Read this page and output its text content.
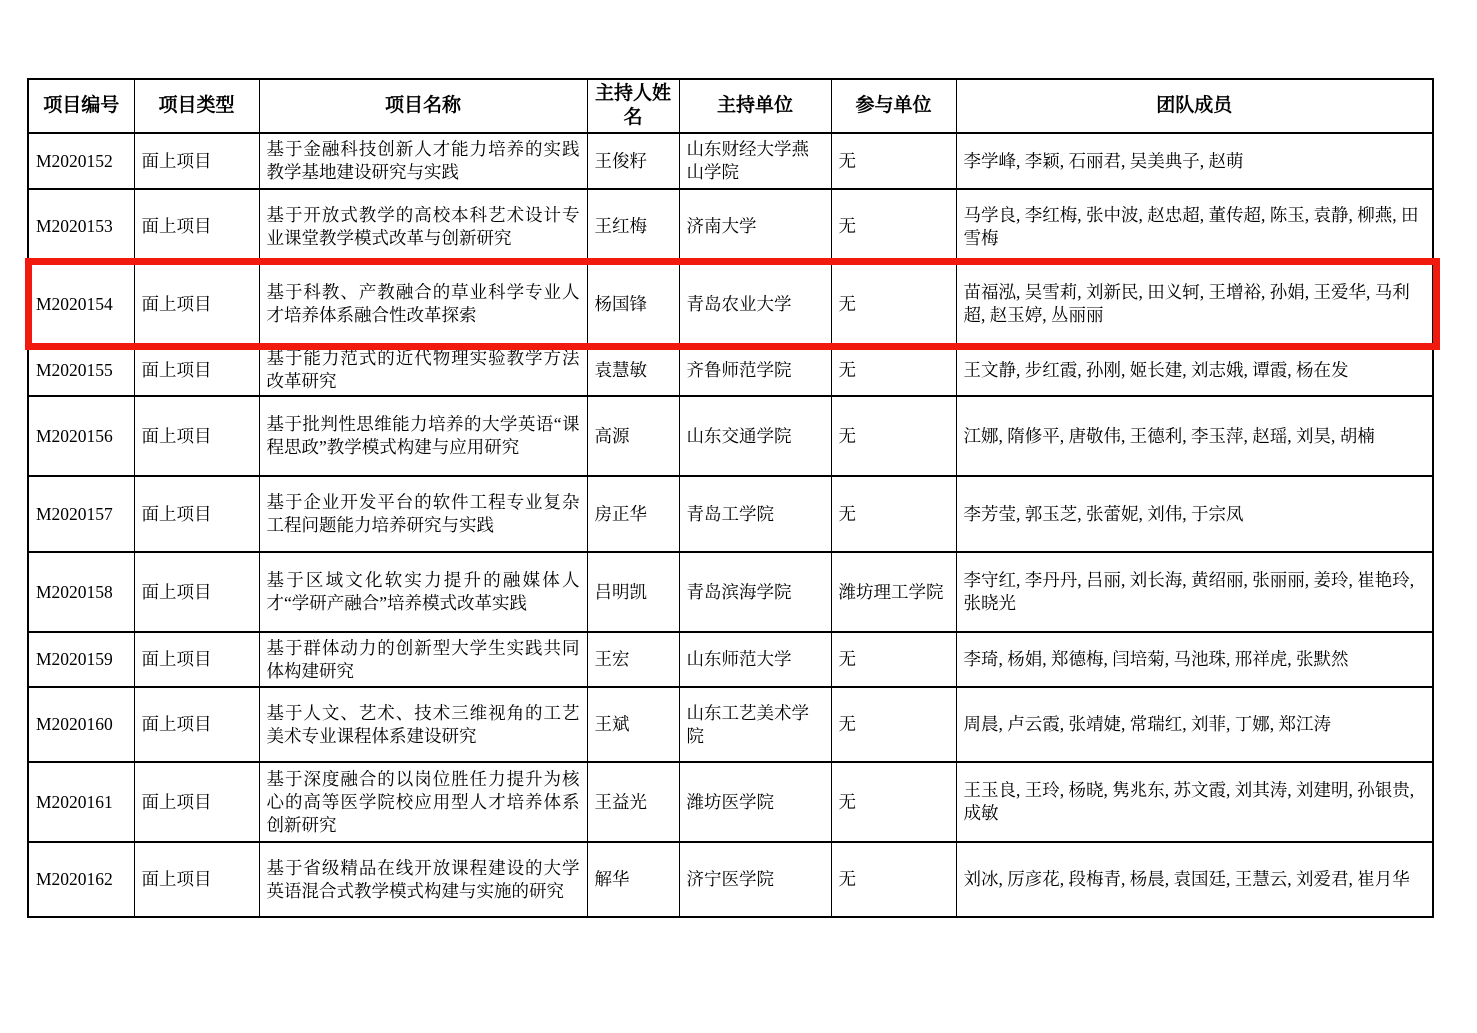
项目编号	项目类型	项目名称	主持人姓名	主持单位	参与单位	团队成员
M2020152	面上项目	基于金融科技创新人才能力培养的实践教学基地建设研究与实践	王俊籽	山东财经大学燕山学院	无	李学峰, 李颖, 石丽君, 吴美典子, 赵萌
M2020153	面上项目	基于开放式教学的高校本科艺术设计专业课堂教学模式改革与创新研究	王红梅	济南大学	无	马学良, 李红梅, 张中波, 赵忠超, 董传超, 陈玉, 袁静, 柳燕, 田雪梅
M2020154	面上项目	基于科教、产教融合的草业科学专业人才培养体系融合性改革探索	杨国锋	青岛农业大学	无	苗福泓, 吴雪莉, 刘新民, 田义轲, 王增裕, 孙娟, 王爱华, 马利超, 赵玉婷, 丛丽丽
M2020155	面上项目	基于能力范式的近代物理实验教学方法改革研究	袁慧敏	齐鲁师范学院	无	王文静, 步红霞, 孙刚, 姬长建, 刘志娥, 谭霞, 杨在发
M2020156	面上项目	基于批判性思维能力培养的大学英语“课程思政”教学模式构建与应用研究	高源	山东交通学院	无	江娜, 隋修平, 唐敬伟, 王德利, 李玉萍, 赵瑶, 刘昊, 胡楠
M2020157	面上项目	基于企业开发平台的软件工程专业复杂工程问题能力培养研究与实践	房正华	青岛工学院	无	李芳莹, 郭玉芝, 张蕾妮, 刘伟, 于宗凤
M2020158	面上项目	基于区域文化软实力提升的融媒体人才“学研产融合”培养模式改革实践	吕明凯	青岛滨海学院	潍坊理工学院	李守红, 李丹丹, 吕丽, 刘长海, 黄绍丽, 张丽丽, 姜玲, 崔艳玲, 张晓光
M2020159	面上项目	基于群体动力的创新型大学生实践共同体构建研究	王宏	山东师范大学	无	李琦, 杨娟, 郑德梅, 闫培菊, 马池珠, 邢祥虎, 张默然
M2020160	面上项目	基于人文、艺术、技术三维视角的工艺美术专业课程体系建设研究	王斌	山东工艺美术学院	无	周晨, 卢云霞, 张靖婕, 常瑞红, 刘菲, 丁娜, 郑江涛
M2020161	面上项目	基于深度融合的以岗位胜任力提升为核心的高等医学院校应用型人才培养体系创新研究	王益光	潍坊医学院	无	王玉良, 王玲, 杨晓, 隽兆东, 苏文霞, 刘其涛, 刘建明, 孙银贵, 成敏
M2020162	面上项目	基于省级精品在线开放课程建设的大学英语混合式教学模式构建与实施的研究	解华	济宁医学院	无	刘冰, 厉彦花, 段梅青, 杨晨, 袁国廷, 王慧云, 刘爱君, 崔月华
